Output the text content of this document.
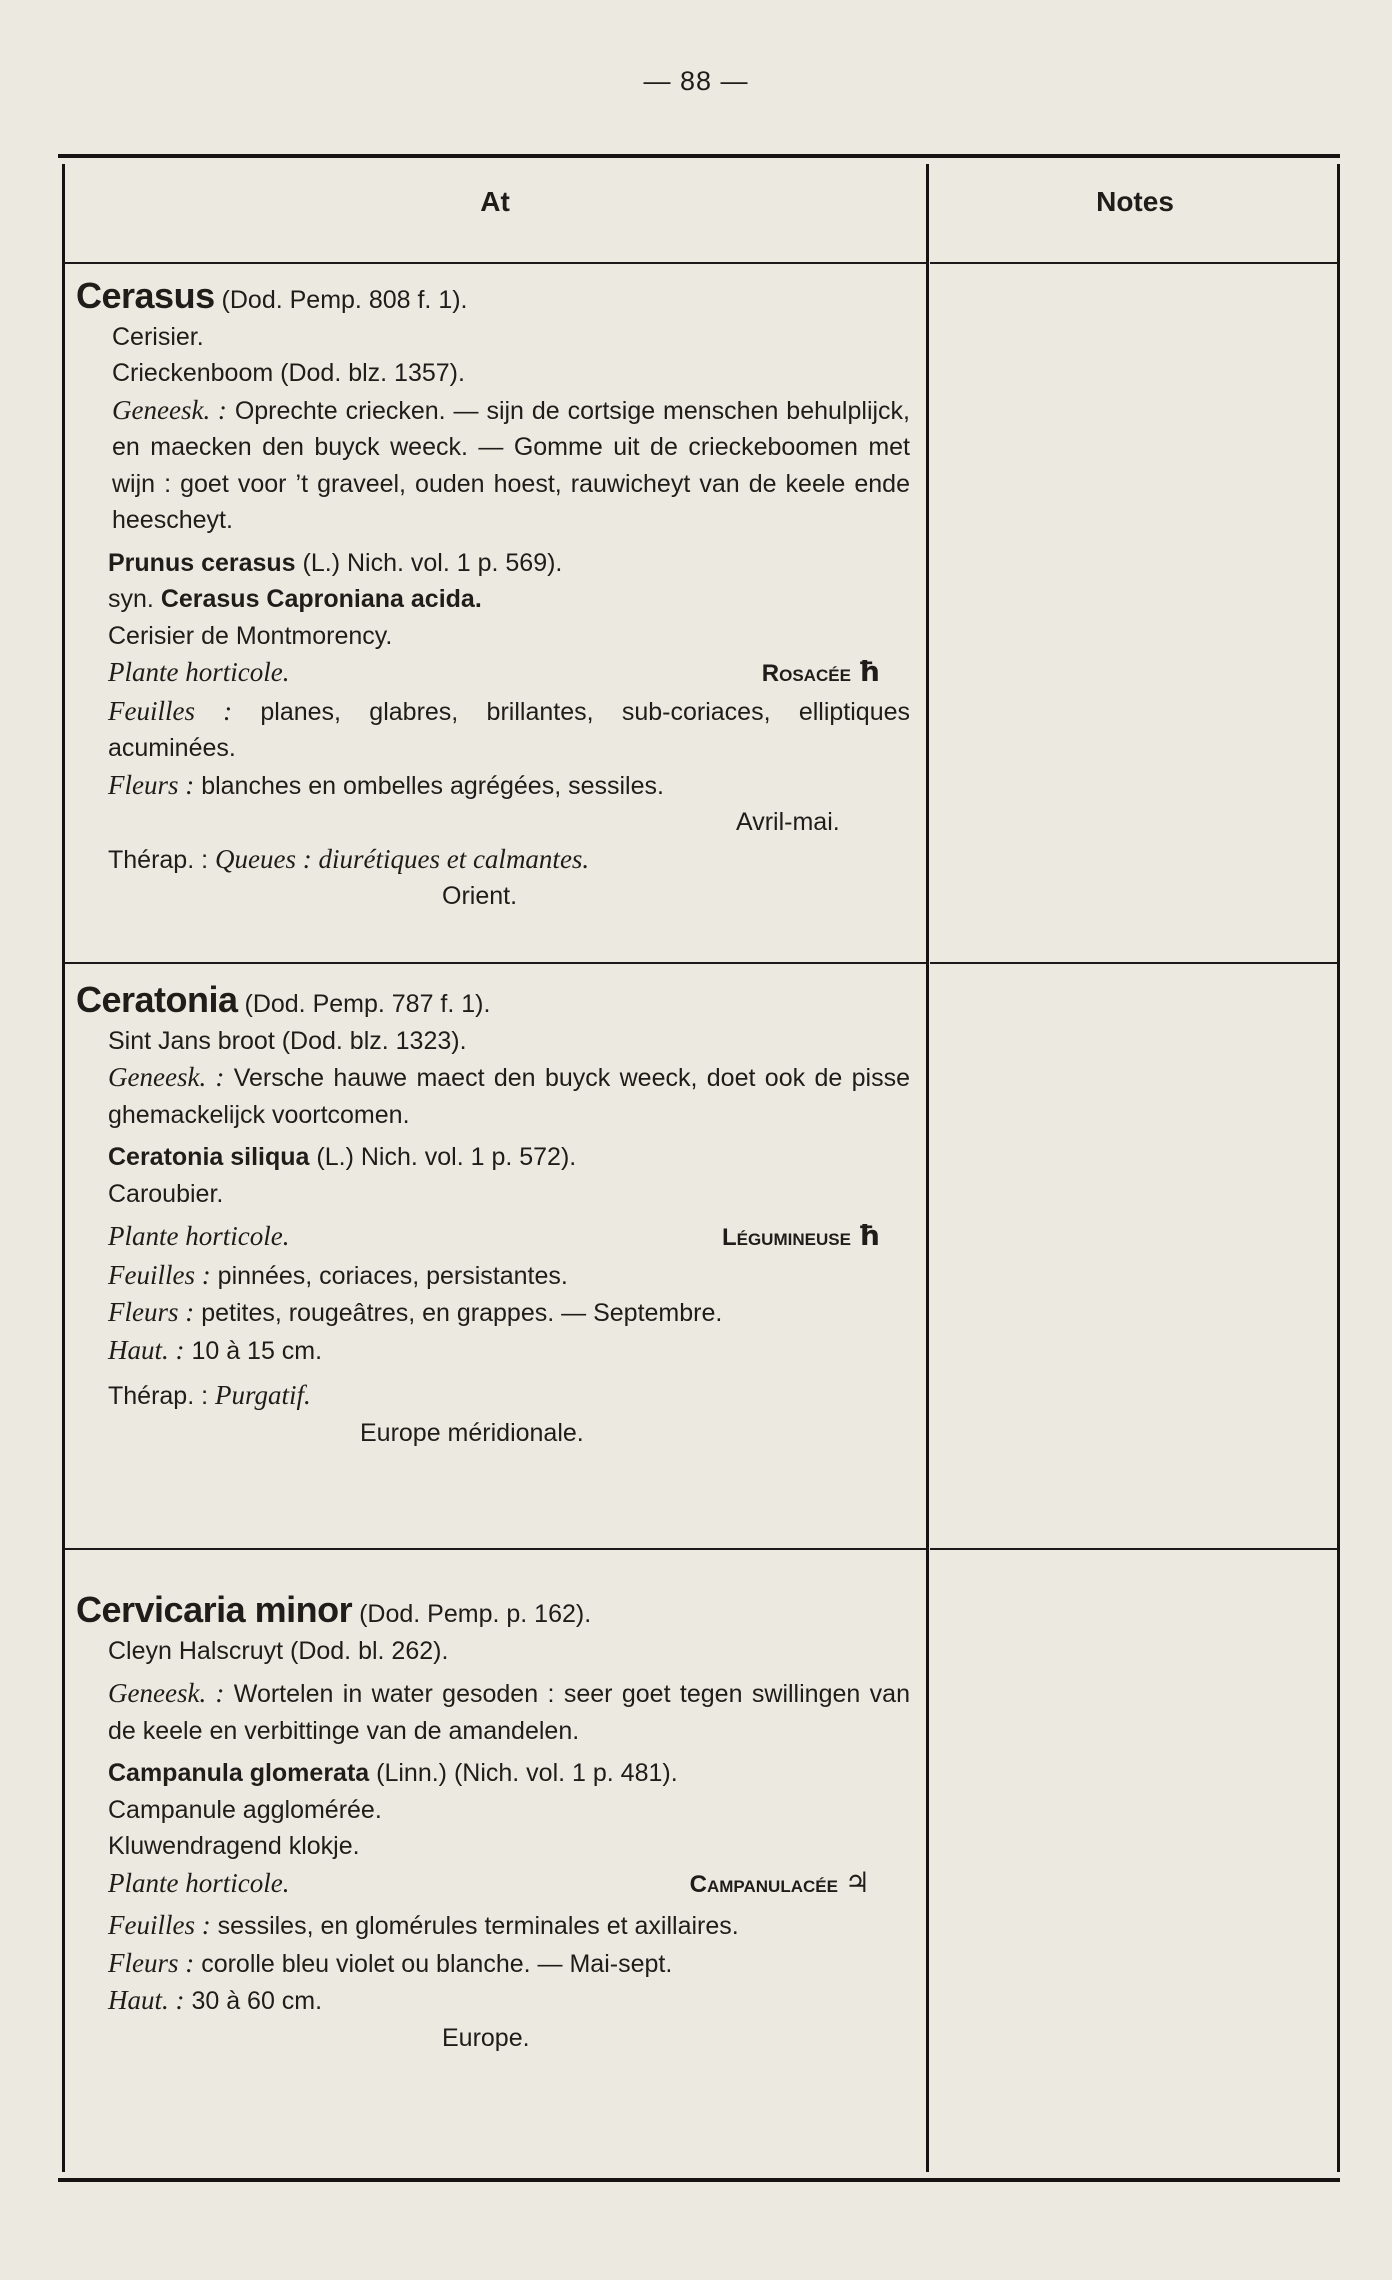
— 88 —
At	Notes
Cerasus (Dod. Pemp. 808 f. 1).
Cerisier.
Crieckenboom (Dod. blz. 1357).
Geneesk. : Oprechte criecken. — sijn de cortsige menschen behulplijck, en maecken den buyck weeck. — Gomme uit de crieckeboomen met wijn : goet voor ’t graveel, ouden hoest, rauwicheyt van de keele ende heescheyt.
Prunus cerasus (L.) Nich. vol. 1 p. 569).
syn. Cerasus Caproniana acida.
Cerisier de Montmorency.
Plante horticole.	Rosacée ħ
Feuilles : planes, glabres, brillantes, sub-coriaces, elliptiques acuminées.
Fleurs : blanches en ombelles agrégées, sessiles.
Avril-mai.
Thérap. : Queues : diurétiques et calmantes.
Orient.
Ceratonia (Dod. Pemp. 787 f. 1).
Sint Jans broot (Dod. blz. 1323).
Geneesk. : Versche hauwe maect den buyck weeck, doet ook de pisse ghemackelijck voortcomen.
Ceratonia siliqua (L.) Nich. vol. 1 p. 572).
Caroubier.
Plante horticole.	Légumineuse ħ
Feuilles : pinnées, coriaces, persistantes.
Fleurs : petites, rougeâtres, en grappes. — Septembre.
Haut. : 10 à 15 cm.
Thérap. : Purgatif.
Europe méridionale.
Cervicaria minor (Dod. Pemp. p. 162).
Cleyn Halscruyt (Dod. bl. 262).
Geneesk. : Wortelen in water gesoden : seer goet tegen swillingen van de keele en verbittinge van de amandelen.
Campanula glomerata (Linn.) (Nich. vol. 1 p. 481).
Campanule agglomérée.
Kluwendragend klokje.
Plante horticole.	Campanulacée ♃
Feuilles : sessiles, en glomérules terminales et axillaires.
Fleurs : corolle bleu violet ou blanche. — Mai-sept.
Haut. : 30 à 60 cm.
Europe.
